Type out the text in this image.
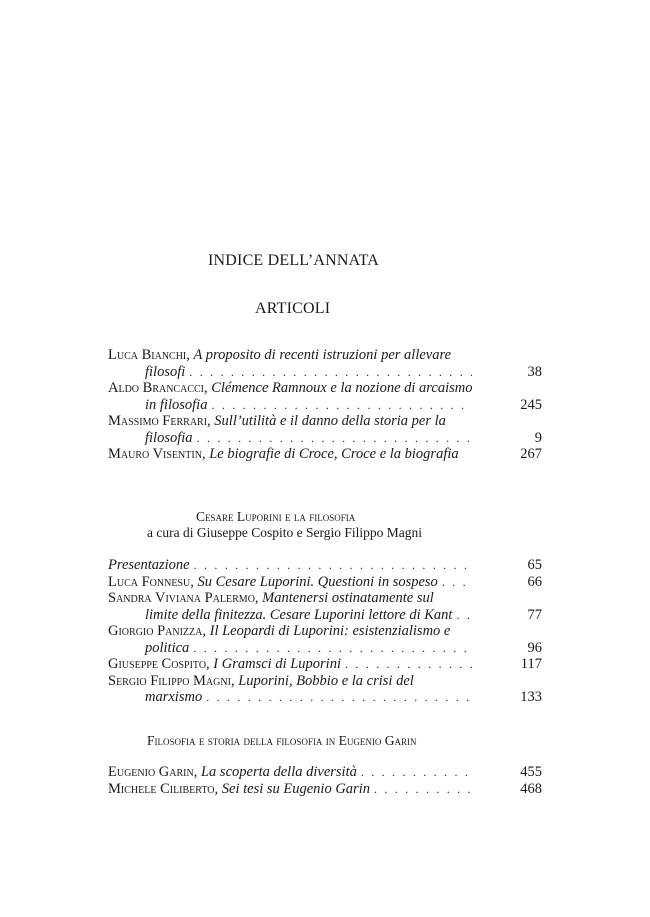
INDICE DELL’ANNATA
ARTICOLI
Luca Bianchi , A proposito di recenti istruzioni per allevare
filosofi . . .	38
Aldo Brancacci , Clémence Ramnoux e la nozione di arcaismo
in filosofia . . .	245
Massimo Ferrari , Sull’utilità e il danno della storia per la
filosofia . . .	9
Mauro Visentin , Le biografie di Croce, Croce e la biografia	267
Cesare Luporini e la filosofia
a cura di Giuseppe Cospito e Sergio Filippo Magni
Presentazione . . .	65
Luca Fonnesu , Su Cesare Luporini. Questioni in sospeso . . .	66
Sandra Viviana Palermo , Mantenersi ostinatamente sul
limite della finitezza. Cesare Luporini lettore di Kant . . .	77
Giorgio Panizza , Il Leopardi di Luporini: esistenzialismo e
politica . . .	96
Giuseppe Cospito , I Gramsci di Luporini . . .	117
Sergio Filippo Magni , Luporini, Bobbio e la crisi del
marxismo . . .	133
Filosofia e storia della filosofia in Eugenio Garin
Eugenio Garin , La scoperta della diversità . . .	455
Michele Ciliberto , Sei tesi su Eugenio Garin . . .	468
